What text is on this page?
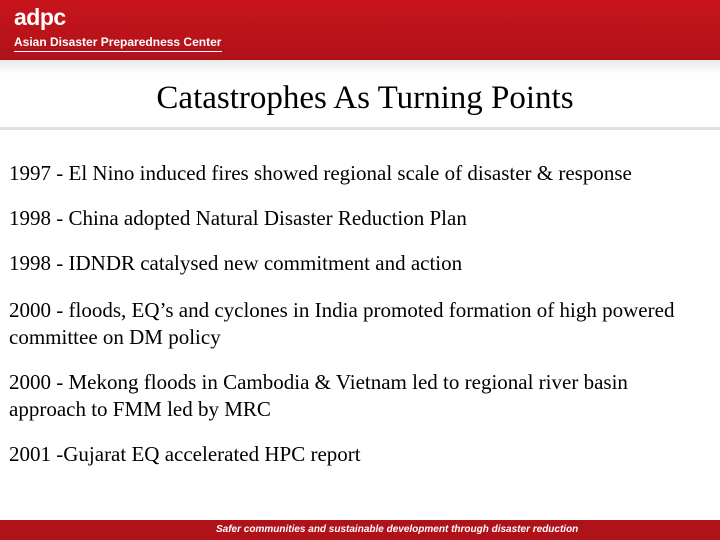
adpc
Asian Disaster Preparedness Center
Catastrophes As Turning Points
1997 - El Nino induced fires showed regional scale of disaster & response
1998 - China adopted Natural Disaster Reduction Plan
1998 - IDNDR catalysed new commitment and action
2000 - floods, EQ’s and cyclones in India promoted formation of high powered committee on DM policy
2000 - Mekong floods in Cambodia & Vietnam led to regional river basin approach to FMM led by MRC
2001 -Gujarat EQ accelerated HPC report
Safer communities and sustainable development through disaster reduction
